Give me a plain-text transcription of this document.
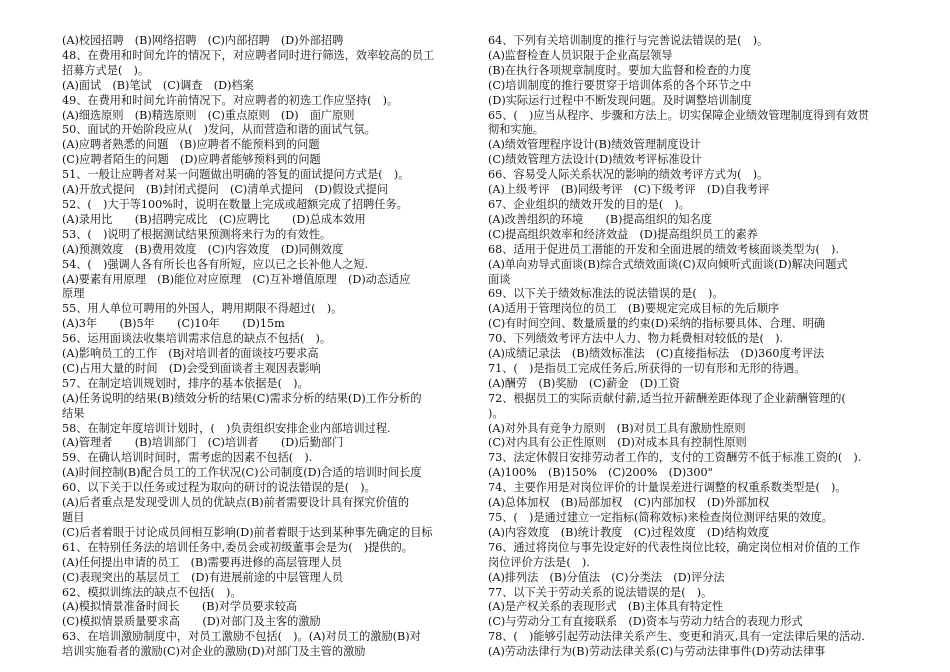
(A)校园招聘　(B)网络招聘　(C)内部招聘　(D)外部招聘
48、在费用和时间允许的情况下，对应聘者同时进行筛选，效率较高的员工
招募方式是(　)。
(A)面试　(B)笔试　(C)调查　(D)档案
49、在费用和时间允许前情况下。对应聘者的初选工作应坚持(　)。
(A)细选原则　(B)精选原则　(C)重点原则　(D)　面广原则
50、面试的开始阶段应从(　)发问，从而营造和谐的面试气氛。
(A)应聘者熟悉的问题　(B)应聘者不能预料到的问题
(C)应聘者陌生的问题　(D)应聘者能够预料到的问题
51、一般让应聘者对某一问题做出明确的答复的面试提问方式是(　)。
(A)开放式提问　(B)封闭式提问　(C)清单式提问　(D)假设式提问
52、(　)大于等100%时，说明在数量上完成或超额完成了招聘任务。
(A)录用比　　(B)招聘完成比　(C)应聘比　　(D)总成本效用
53、(　)说明了根据测试结果预测将来行为的有效性。
(A)预测效度　(B)费用效度　(C)内容效度　(D)同侧效度
54、(　)强调人各有所长也各有所短，应以已之长补他人之短.
(A)要素有用原理　(B)能位对应原理　(C)互补增值原理　(D)动态适应
原理
55、用人单位可聘用的外国人，聘用期限不得超过(　)。
(A)3年　　(B)5年　　(C)10年　　(D)15m
56、运用面谈法收集培训需求信息的缺点不包括(　)。
(A)影响员工的工作　(Bj对培训者的面谈技巧要求高
(C)占用大量的时间　(D)会受到面谈者主观因表影响
57、在制定培训规划时，排序的基本依据是(　)。
(A)任务说明的结果(B)绩效分析的结果(C)需求分析的结果(D)工作分析的
结果
58、在制定年度培训计划时，(　)负责组织安排企业内部培训过程.
(A)管理者　　(B)培训部门　(C)培训者　　(D)后勤部门
59、在确认培训时间时，需考虑的因素不包括(　).
(A)时间控制(B)配合员工的工作状况(C)公司制度(D)合适的培训时间长度
60、以下关于以任务或过程为取向的研讨的说法错误的是(　)。
(A)后者重点是发现受训人员的优缺点(B)前者需要设计具有探究价值的
题目
(C)后者着眼于讨论成员间相互影响(D)前者着眼于达到某种事先确定的目标
61、在特别任务法的培训任务中,委员会或初级董事会是为(　)提供的。
(A)任何提出申请的员工　(B)需要再进修的高层管理人员
(C)表现突出的基层员工　(D)有进展前途的中层管理人员
62、模拟训练法的缺点不包括(　)。
(A)模拟情景准备时间长　　(B)对学员要求较高
(C)模拟情景质量要求高　　(D)对部门及主客的激励
63、在培训激励制度中，对员工激励不包括(　)。(A)对员工的激励(B)对
培训实施看者的激励(C)对企业的激励(D)对部门及主管的激励
64、下列有关培训制度的推行与完善说法错误的是(　)。
(A)监督检查人员识限于企业高层领导
(B)在执行各项规章制度时。要加大监督和检查的力度
(C)培训制度的推行要贯穿于培训体系的各个环节之中
(D)实际运行过程中不断发现问题。及时调整培训制度
65、(　)应当从程序、步骤和方法上。切实保障企业绩效管理制度得到有效贯
彻和实施。
(A)绩效管理程序设计(B)绩效管理制度设计
(C)绩效管理方法设计(D)绩效考评标准设计
66、容易受人际关系状况的影响的绩效考评方式为(　)。
(A)上级考评　(B)同级考评　(C)下级考评　(D)自我考评
67、企业组织的绩效开发的目的是(　)。
(A)改善组织的环境　　(B)提高组织的知名度
(C)提高组织效率和经济效益　(D)提高组织员工的素养
68、适用于促进员工潜能的开发和全面进展的绩效考核面谈类型为(　).
(A)单向劝导式面谈(B)综合式绩效面谈(C)双向倾听式面谈(D)解决问题式
面谈
69、以下关于绩效标准法的说法错误的是(　)。
(A)适用于管理岗位的员工　(B)要规定完成目标的先后顺序
(C)有时间空间、数量质量的约束(D)采纳的指标要具体、合理、明确
70、下列绩效考评方法中人力、物力耗费相对较低的是(　).
(A)成绩记录法　(B)绩效标准法　(C)直接指标法　(D)360度考评法
71、(　)是指员工完成任务后,所获得的一切有形和无形的待遇。
(A)酬劳　(B)奖励　(C)薪金　(D)工资
72、根据员工的实际贡献付薪,适当拉开薪酬差距体现了企业薪酬管理的(
)。
(A)对外具有竞争力原则　(B)对员工具有激励性原则
(C)对内具有公正性原则　(D)对成本具有控制性原则
73、法定休假日安排劳动者工作的，支付的工资酬劳不低于标准工资的(　).
(A)100%　(B)150%　(C)200%　(D)300"
74、主要作用是对岗位评价的计量误差进行调整的权重系数类型是(　)。
(A)总体加权　(B)局部加权　(C)内部加权　(D)外部加权
75、(　)是通过建立一定指标(简称效标)来检查岗位测评结果的效度。
(A)内容效度　(B)统计教度　(C)过程效度　(D)结构效度
76、通过将岗位与事先设定好的代表性岗位比较，确定岗位相对价值的工作
岗位评价方法是(　).
(A)排列法　(B)分值法　(C)分类法　(D)评分法
77、以下关于劳动关系的说法错误的是(　)。
(A)是产权关系的表现形式　(B)主体具有特定性
(C)与劳动分工有直接联系　(D)资本与劳动力结合的表现力形式
78、(　)能够引起劳动法律关系产生、变更和消灭,具有一定法律后果的活动.
(A)劳动法律行为(B)劳动法律关系(C)与劳动法律事件(D)劳动法律事
